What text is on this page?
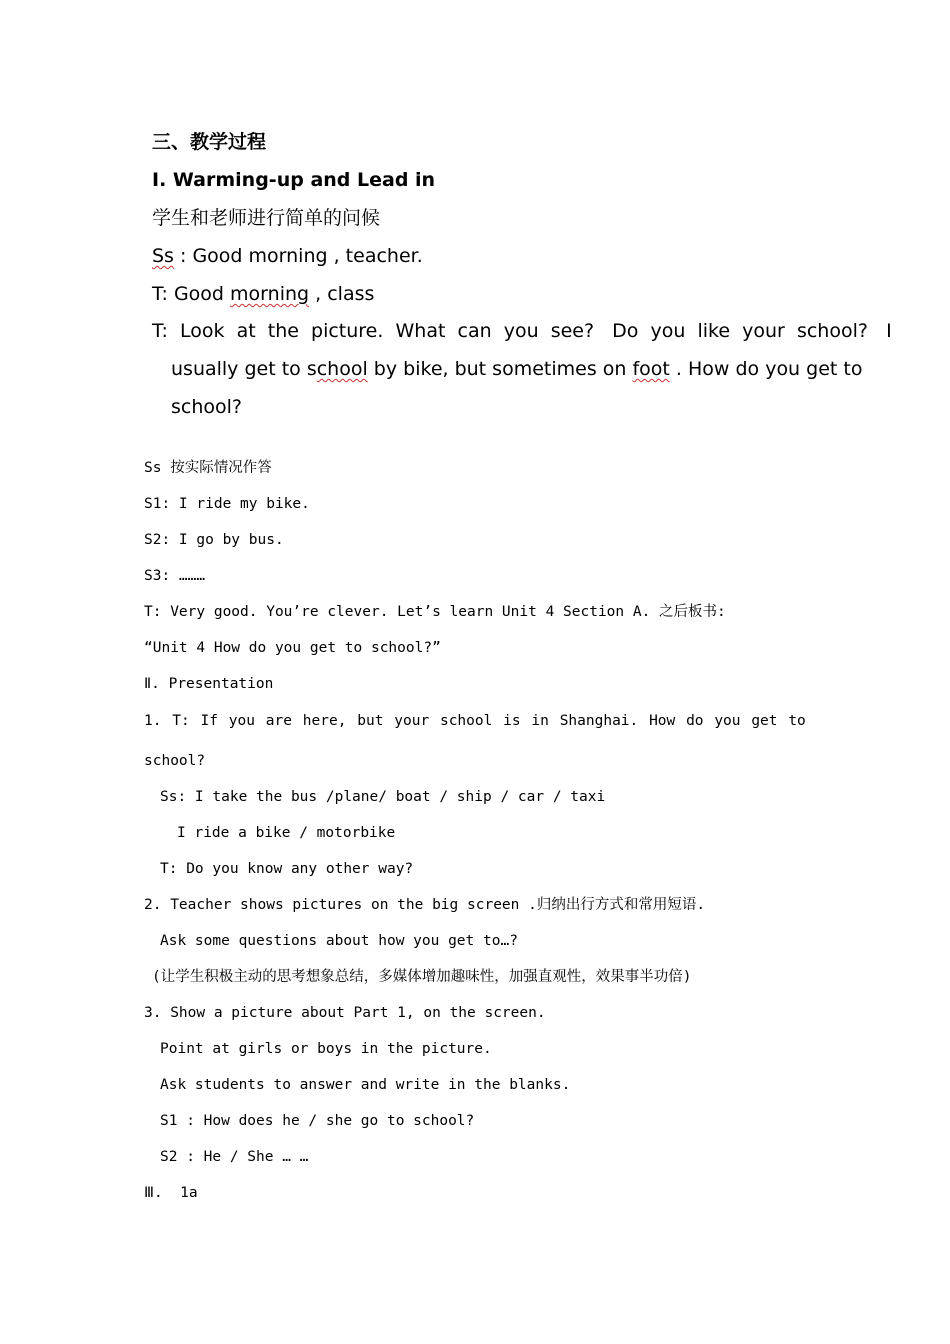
三、教学过程
Ⅰ. Warming-up and Lead in
学生和老师进行简单的问候
Ss : Good morning , teacher.
T: Good morning , class
T:  Look  at  the  picture.  What  can  you  see?   Do  you  like  your  school?   I
usually get to school by bike, but sometimes on foot . How do you get to
school?
Ss 按实际情况作答
S1: I ride my bike.
S2: I go by bus.
S3: ………
T: Very good. You’re clever. Let’s learn Unit 4 Section A. 之后板书:
“Unit 4 How do you get to school?”
Ⅱ. Presentation
1. T: If you are here, but your school is in Shanghai. How do you get to
school?
Ss: I take the bus /plane/ boat / ship / car / taxi
I ride a bike / motorbike
T: Do you know any other way?
2. Teacher shows pictures on the big screen .归纳出行方式和常用短语.
Ask some questions about how you get to…?
(让学生积极主动的思考想象总结，多媒体增加趣味性，加强直观性，效果事半功倍)
3. Show a picture about Part 1, on the screen.
Point at girls or boys in the picture.
Ask students to answer and write in the blanks.
S1 : How does he / she go to school?
S2 : He / She … …
Ⅲ.  1a
